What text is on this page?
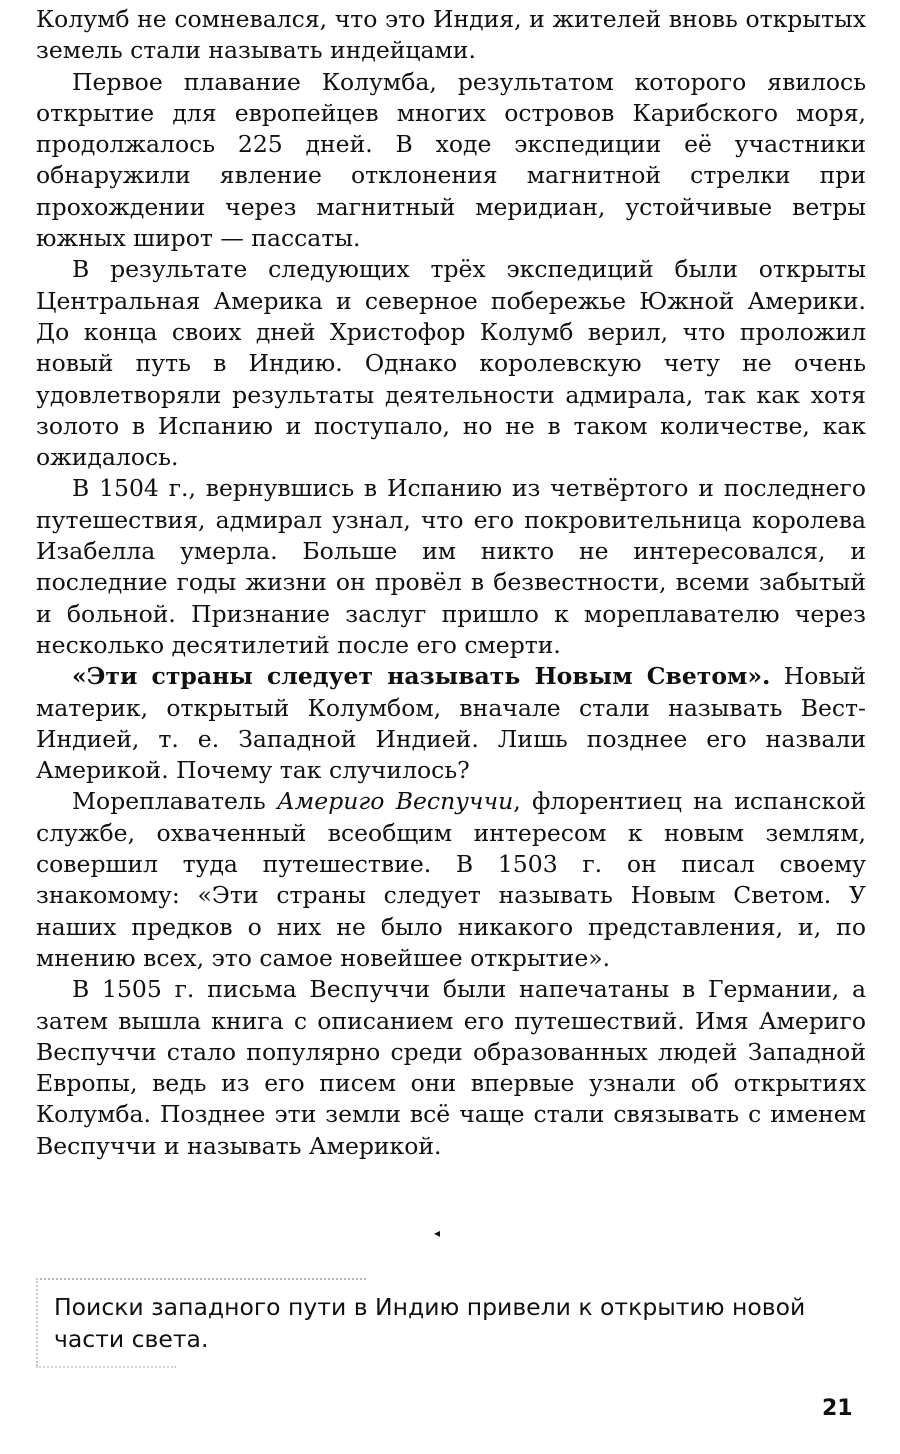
Колумб не сомневался, что это Индия, и жителей вновь открытых земель стали называть индейцами.

Первое плавание Колумба, результатом которого явилось открытие для европейцев многих островов Карибского моря, продолжалось 225 дней. В ходе экспедиции её участники обнаружили явление отклонения магнитной стрелки при прохождении через магнитный меридиан, устойчивые ветры южных широт — пассаты.

В результате следующих трёх экспедиций были открыты Центральная Америка и северное побережье Южной Америки. До конца своих дней Христофор Колумб верил, что проложил новый путь в Индию. Однако королевскую чету не очень удовлетворяли результаты деятельности адмирала, так как хотя золото в Испанию и поступало, но не в таком количестве, как ожидалось.

В 1504 г., вернувшись в Испанию из четвёртого и последнего путешествия, адмирал узнал, что его покровительница королева Изабелла умерла. Больше им никто не интересовался, и последние годы жизни он провёл в безвестности, всеми забытый и больной. Признание заслуг пришло к мореплавателю через несколько десятилетий после его смерти.

«Эти страны следует называть Новым Светом». Новый материк, открытый Колумбом, вначале стали называть Вест-Индией, т. е. Западной Индией. Лишь позднее его назвали Америкой. Почему так случилось?

Мореплаватель Америго Веспуччи, флорентиец на испанской службе, охваченный всеобщим интересом к новым землям, совершил туда путешествие. В 1503 г. он писал своему знакомому: «Эти страны следует называть Новым Светом. У наших предков о них не было никакого представления, и, по мнению всех, это самое новейшее открытие».

В 1505 г. письма Веспуччи были напечатаны в Германии, а затем вышла книга с описанием его путешествий. Имя Америго Веспуччи стало популярно среди образованных людей Западной Европы, ведь из его писем они впервые узнали об открытиях Колумба. Позднее эти земли всё чаще стали связывать с именем Веспуччи и называть Америкой.

◂
Поиски западного пути в Индию привели к открытию новой части света.
21
